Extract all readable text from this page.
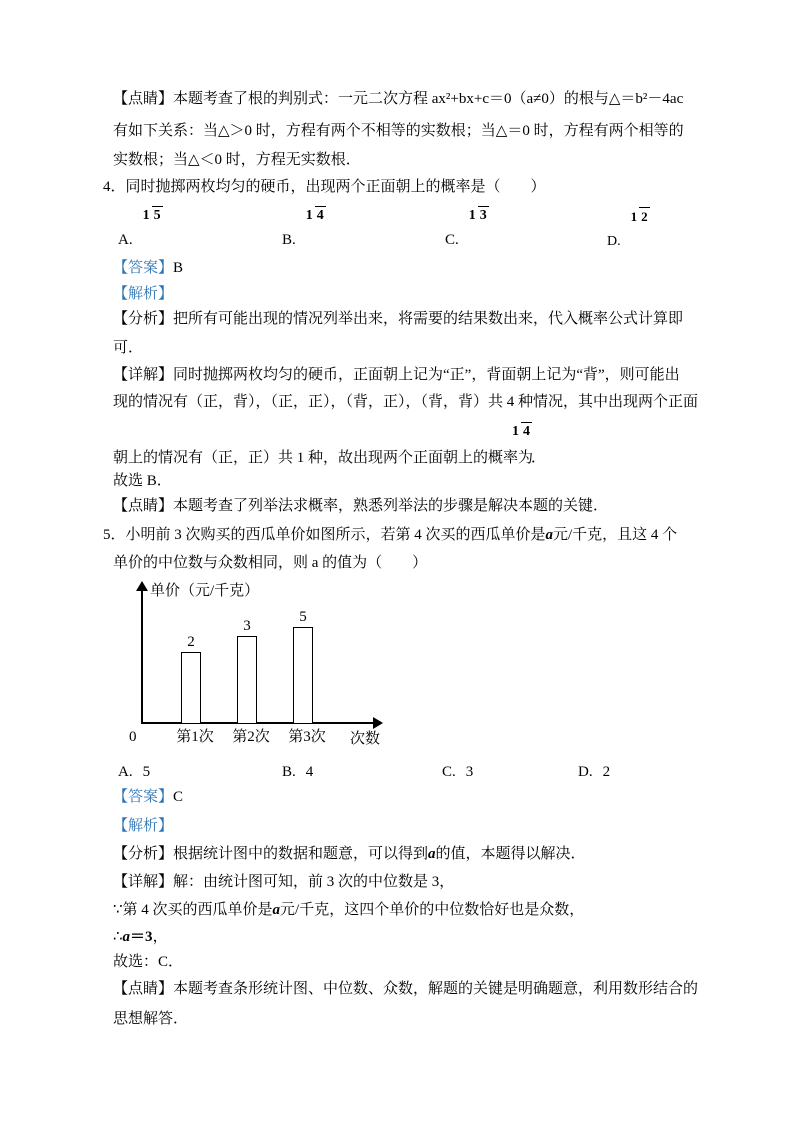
【点睛】本题考查了根的判别式：一元二次方程 ax²+bx+c＝0（a≠0）的根与△＝b²－4ac
有如下关系：当△＞0 时，方程有两个不相等的实数根；当△＝0 时，方程有两个相等的
实数根；当△＜0 时，方程无实数根．
4．同时抛掷两枚均匀的硬币，出现两个正面朝上的概率是（　　）
A.1 5
B.1 4
C.1 3
D.1 2
【答案】B
【解析】
【分析】把所有可能出现的情况列举出来，将需要的结果数出来，代入概率公式计算即
可．
【详解】同时抛掷两枚均匀的硬币，正面朝上记为“正”，背面朝上记为“背”，则可能出
现的情况有（正，背），（正，正），（背，正），（背，背）共 4 种情况，其中出现两个正面
朝上的情况有（正，正）共 1 种，故出现两个正面朝上的概率为
1 4
．
故选 B．
【点睛】本题考查了列举法求概率，熟悉列举法的步骤是解决本题的关键．
5．小明前 3 次购买的西瓜单价如图所示，若第 4 次买的西瓜单价是a元/千克，且这 4 个
单价的中位数与众数相同，则 a 的值为（　　）
单价（元/千克）
次数
0
2
3
5
第1次	第2次	第3次
A. 5	B. 4	C. 3	D. 2
【答案】C
【解析】
【分析】根据统计图中的数据和题意，可以得到a的值，本题得以解决．
【详解】解：由统计图可知，前 3 次的中位数是 3，
∵第 4 次买的西瓜单价是a元/千克，这四个单价的中位数恰好也是众数，
∴a＝3，
故选：C．
【点睛】本题考查条形统计图、中位数、众数，解题的关键是明确题意，利用数形结合的
思想解答．
